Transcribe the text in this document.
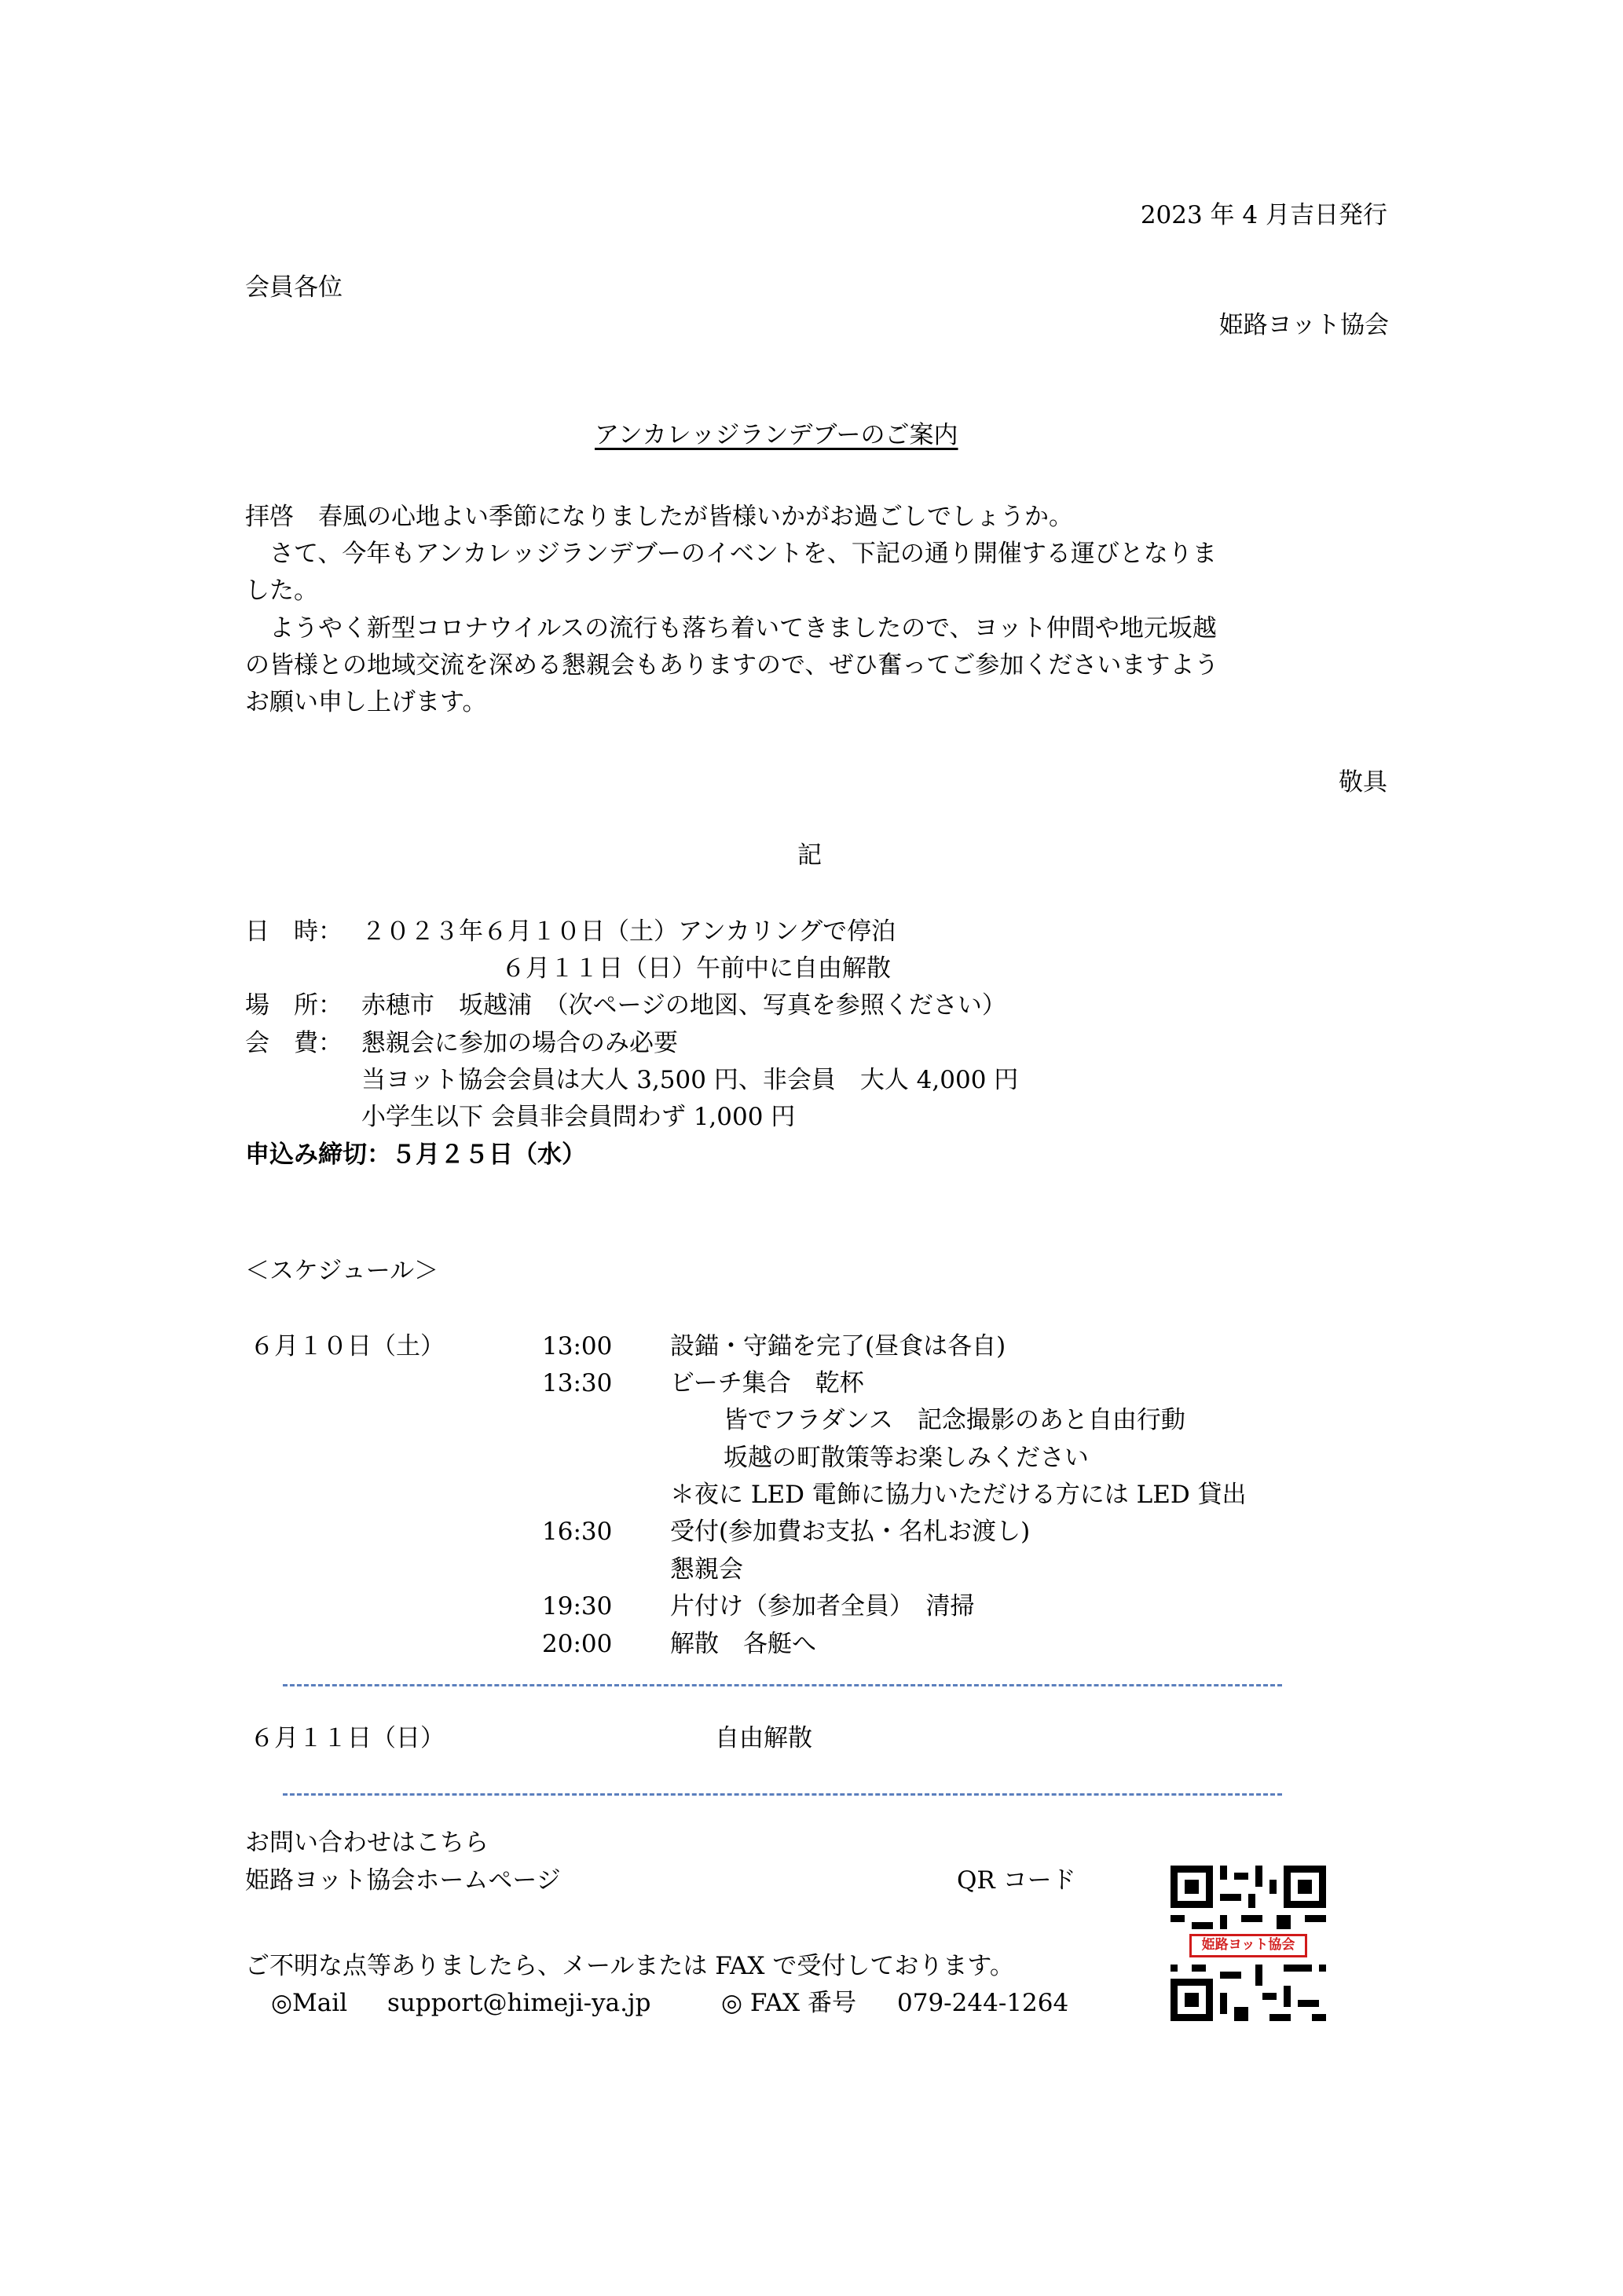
2023 年 4 月吉日発行
会員各位
姫路ヨット協会
アンカレッジランデブーのご案内
拝啓　春風の心地よい季節になりましたが皆様いかがお過ごしでしょうか。
　さて、今年もアンカレッジランデブーのイベントを、下記の通り開催する運びとなりま
した。
　ようやく新型コロナウイルスの流行も落ち着いてきましたので、ヨット仲間や地元坂越
の皆様との地域交流を深める懇親会もありますので、ぜひ奮ってご参加くださいますよう
お願い申し上げます。
敬具
記
日　時： ２０２３年６月１０日（土）アンカリングで停泊
６月１１日（日）午前中に自由解散
場　所： 赤穂市　坂越浦　（次ページの地図、写真を参照ください）
会　費： 懇親会に参加の場合のみ必要
当ヨット協会会員は大人 3,500 円、非会員　大人 4,000 円
小学生以下 会員非会員問わず 1,000 円
申込み締切：５月２５日（水）
＜スケジュール＞
６月１０日（土）	13:00 設錨・守錨を完了(昼食は各自)
13:30 ビーチ集合　乾杯
　 皆でフラダンス　記念撮影のあと自由行動
　 坂越の町散策等お楽しみください
＊夜に LED 電飾に協力いただける方には LED 貸出
16:30 受付(参加費お支払・名札お渡し)
懇親会
19:30 片付け（参加者全員）　清掃
20:00 解散　各艇へ
６月１１日（日）	自由解散
お問い合わせはこちら
姫路ヨット協会ホームページ	QR コード
姫路ヨット協会
ご不明な点等ありましたら、メールまたは FAX で受付しております。
◎Mail support@himeji-ya.jp	◎ FAX 番号 079-244-1264
